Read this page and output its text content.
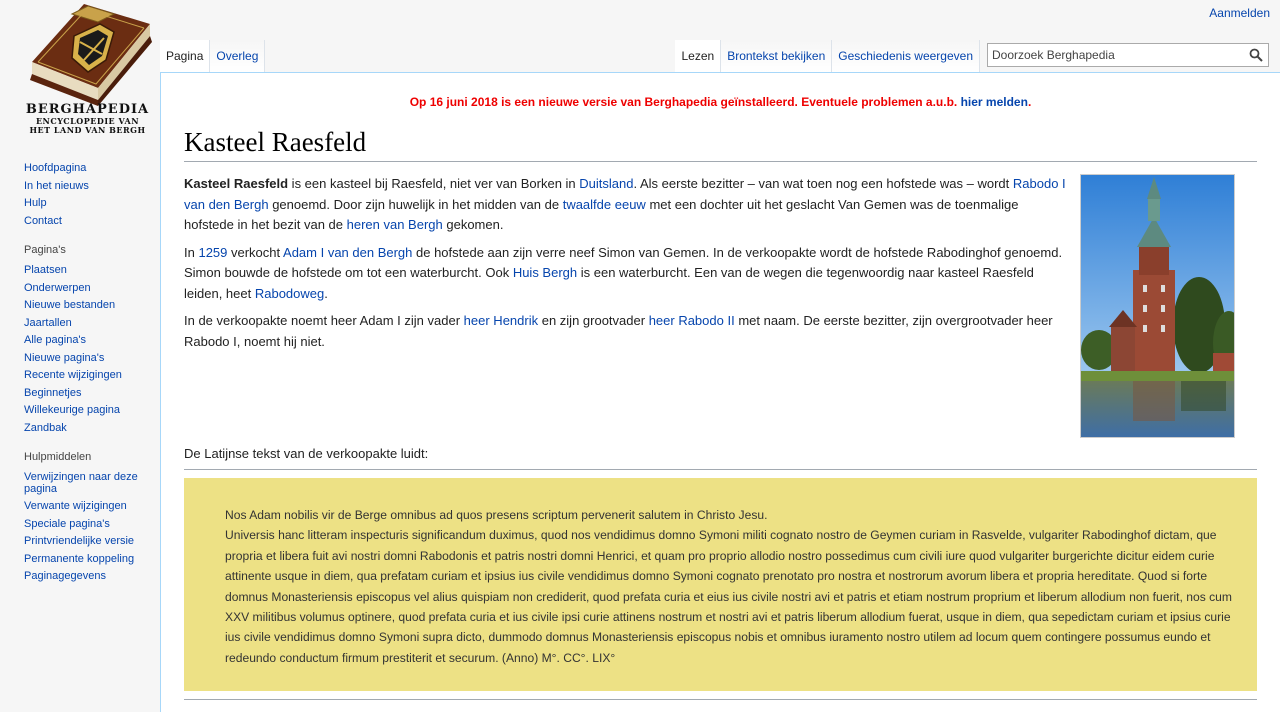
Aanmelden
BERGHAPEDIA
ENCYCLOPEDIE VAN
HET LAND VAN BERGH
Hoofdpagina
In het nieuws
Hulp
Contact
Pagina's
Plaatsen
Onderwerpen
Nieuwe bestanden
Jaartallen
Alle pagina's
Nieuwe pagina's
Recente wijzigingen
Beginnetjes
Willekeurige pagina
Zandbak
Hulpmiddelen
Verwijzingen naar deze pagina
Verwante wijzigingen
Speciale pagina's
Printvriendelijke versie
Permanente koppeling
Paginagegevens
Pagina	Overleg	Lezen	Brontekst bekijken	Geschiedenis weergeven
Doorzoek Berghapedia
Op 16 juni 2018 is een nieuwe versie van Berghapedia geïnstalleerd. Eventuele problemen a.u.b. hier melden.
Kasteel Raesfeld

Kasteel Raesfeld is een kasteel bij Raesfeld, niet ver van Borken in Duitsland. Als eerste bezitter – van wat toen nog een hofstede was – wordt Rabodo I van den Bergh genoemd. Door zijn huwelijk in het midden van de twaalfde eeuw met een dochter uit het geslacht Van Gemen was de toenmalige hofstede in het bezit van de heren van Bergh gekomen.

In 1259 verkocht Adam I van den Bergh de hofstede aan zijn verre neef Simon van Gemen. In de verkoopakte wordt de hofstede Rabodinghof genoemd. Simon bouwde de hofstede om tot een waterburcht. Ook Huis Bergh is een waterburcht. Een van de wegen die tegenwoordig naar kasteel Raesfeld leiden, heet Rabodoweg.

In de verkoopakte noemt heer Adam I zijn vader heer Hendrik en zijn grootvader heer Rabodo II met naam. De eerste bezitter, zijn overgrootvader heer Rabodo I, noemt hij niet.

De Latijnse tekst van de verkoopakte luidt:

Nos Adam nobilis vir de Berge omnibus ad quos presens scriptum pervenerit salutem in Christo Jesu.

Universis hanc litteram inspecturis significandum duximus, quod nos vendidimus domno Symoni militi cognato nostro de Geymen curiam in Rasvelde, vulgariter Rabodinghof dictam, que propria et libera fuit avi nostri domni Rabodonis et patris nostri domni Henrici, et quam pro proprio allodio nostro possedimus cum civili iure quod vulgariter burgerichte dicitur eidem curie attinente usque in diem, qua prefatam curiam et ipsius ius civile vendidimus domno Symoni cognato prenotato pro nostra et nostrorum avorum libera et propria hereditate. Quod si forte domnus Monasteriensis episcopus vel alius quispiam non crediderit, quod prefata curia et eius ius civile nostri avi et patris et etiam nostrum proprium et liberum allodium non fuerit, nos cum XXV militibus volumus optinere, quod prefata curia et ius civile ipsi curie attinens nostrum et nostri avi et patris liberum allodium fuerat, usque in diem, qua sepedictam curiam et ipsius curie ius civile vendidimus domno Symoni supra dicto, dummodo domnus Monasteriensis episcopus nobis et omnibus iuramento nostro utilem ad locum quem contingere possumus eundo et redeundo conductum firmum prestiterit et securum. (Anno) M°. CC°. LIX°
